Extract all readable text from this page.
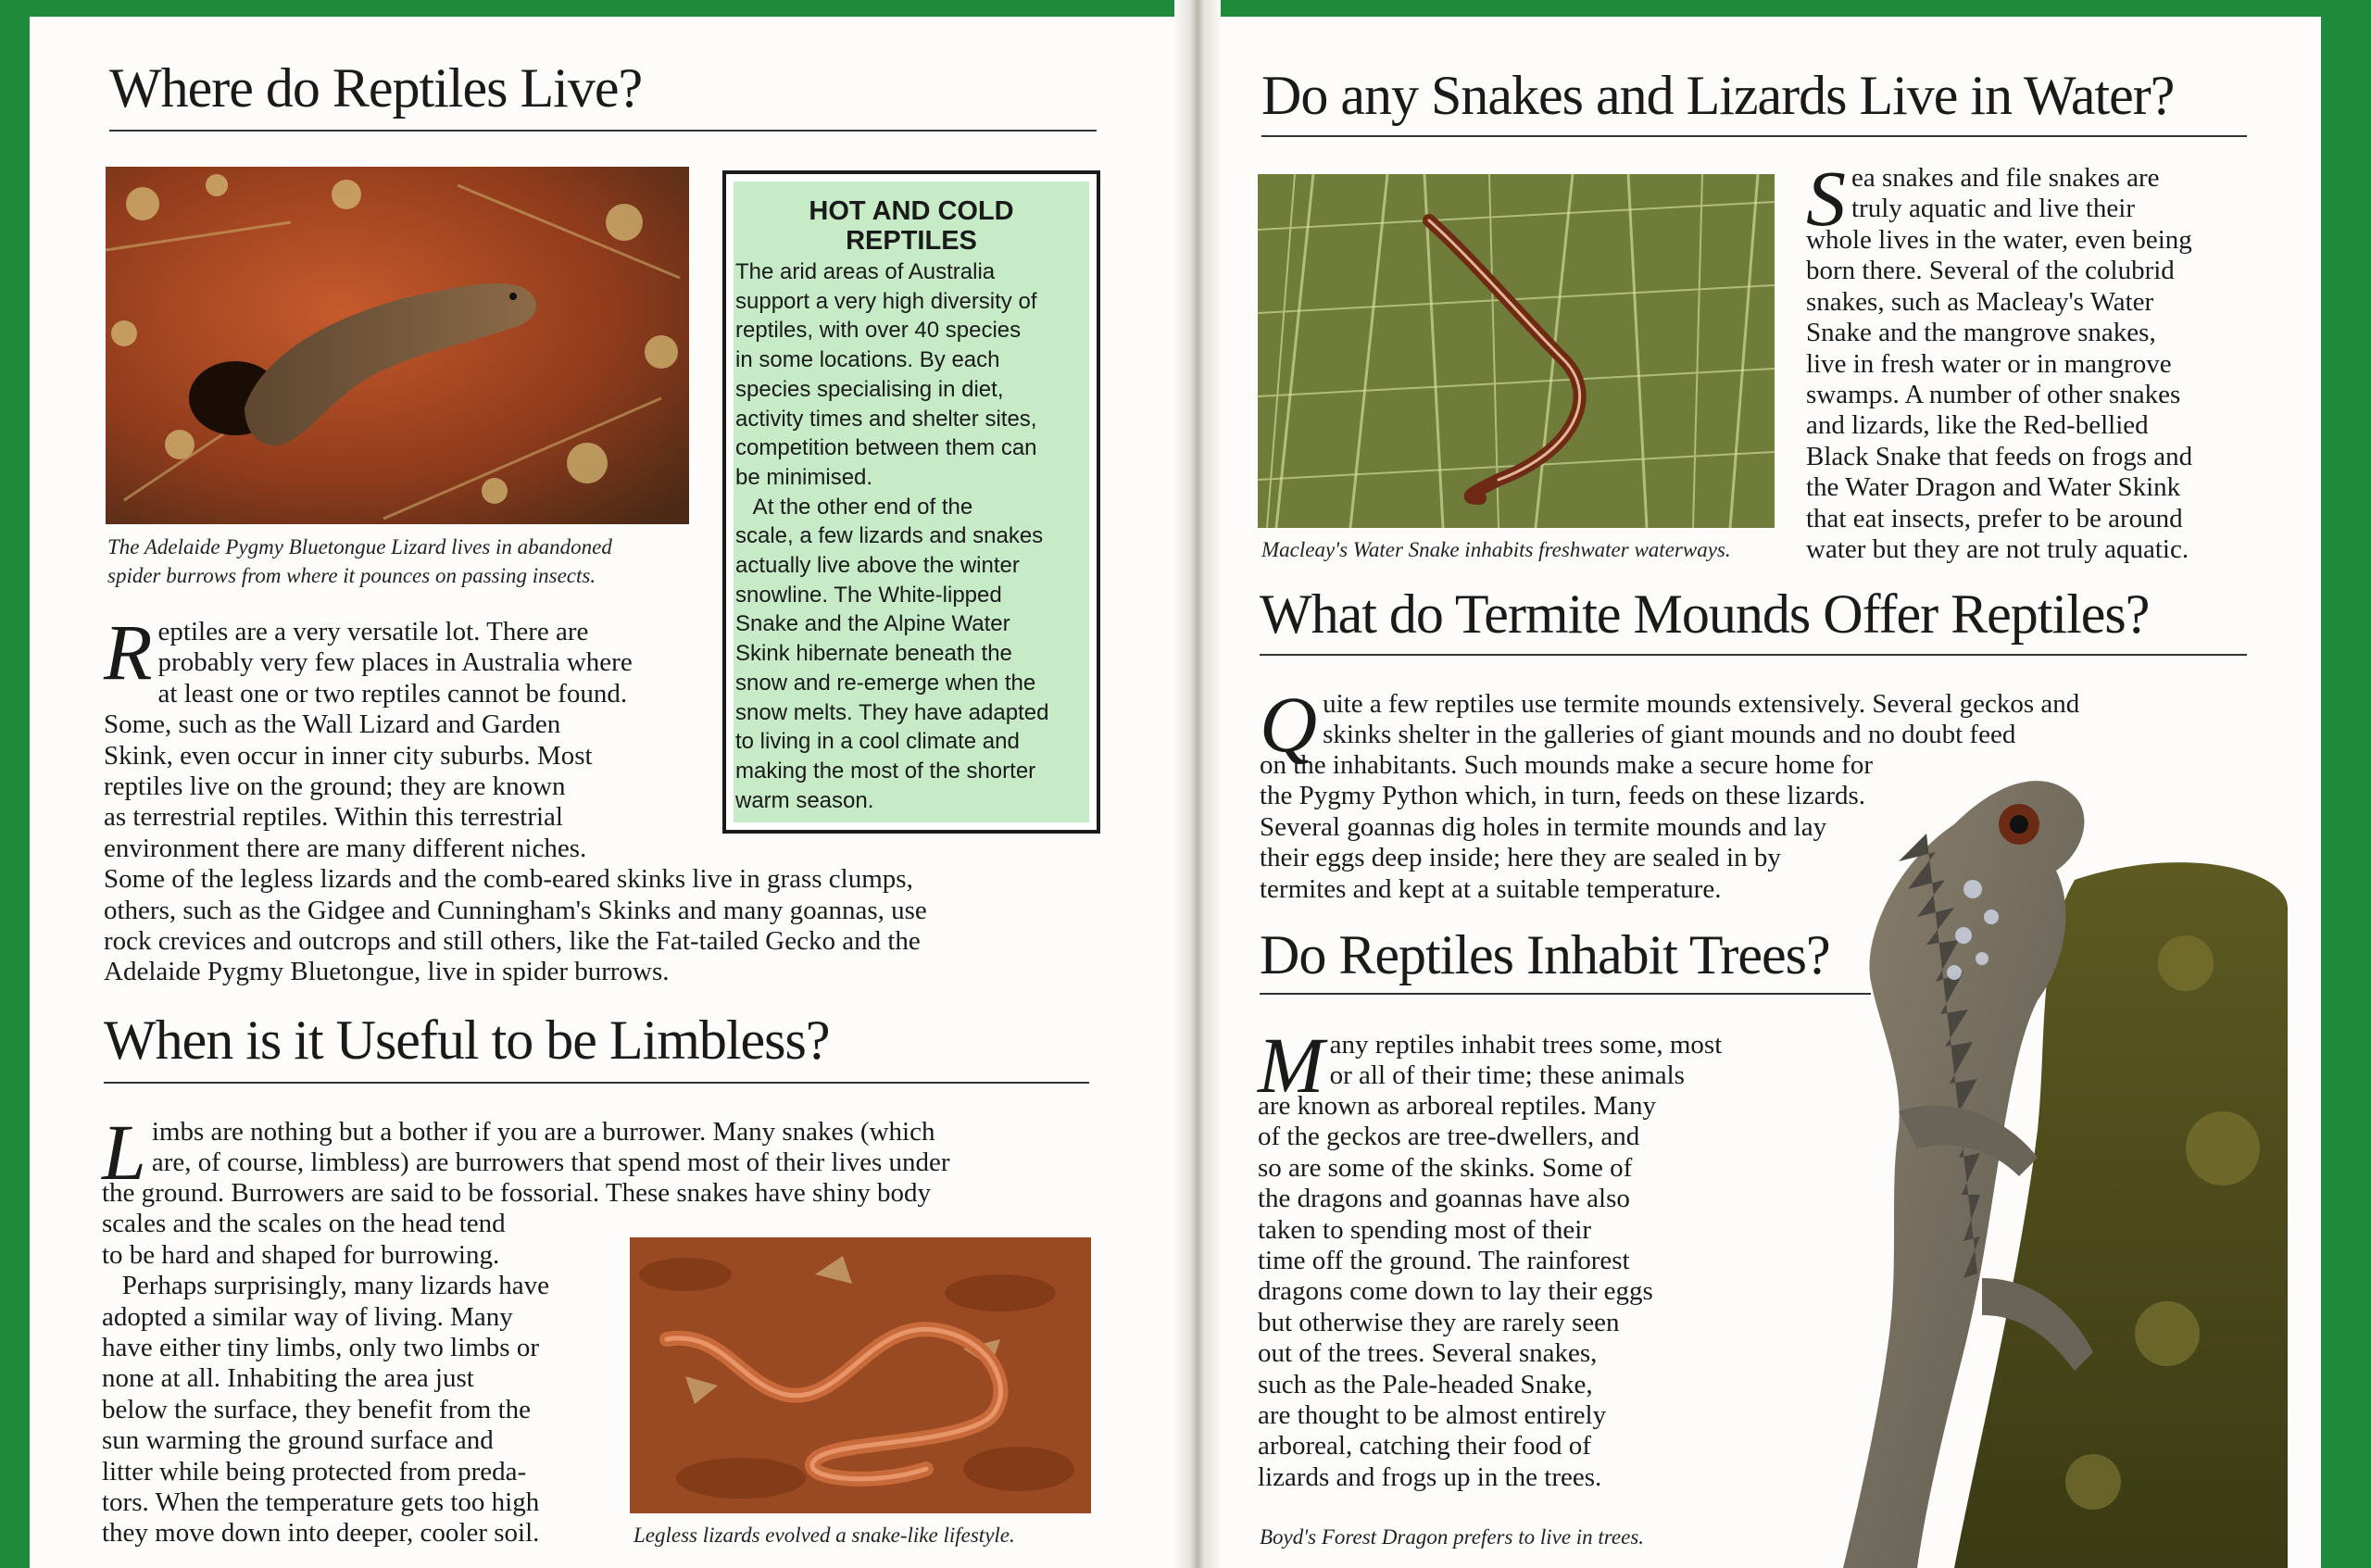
Where do Reptiles Live?

The Adelaide Pygmy Bluetongue Lizard lives in abandoned
spider burrows from where it pounces on passing insects.

HOT AND COLD
REPTILES

The arid areas of Australia
support a very high diversity of
reptiles, with over 40 species
in some locations. By each
species specialising in diet,
activity times and shelter sites,
competition between them can
be minimised.
At the other end of the
scale, a few lizards and snakes
actually live above the winter
snowline. The White-lipped
Snake and the Alpine Water
Skink hibernate beneath the
snow and re-emerge when the
snow melts. They have adapted
to living in a cool climate and
making the most of the shorter
warm season.

Reptiles are a very versatile lot. There are
probably very few places in Australia where
at least one or two reptiles cannot be found.
Some, such as the Wall Lizard and Garden
Skink, even occur in inner city suburbs. Most
reptiles live on the ground; they are known
as terrestrial reptiles. Within this terrestrial
environment there are many different niches.
Some of the legless lizards and the comb-eared skinks live in grass clumps,
others, such as the Gidgee and Cunningham's Skinks and many goannas, use
rock crevices and outcrops and still others, like the Fat-tailed Gecko and the
Adelaide Pygmy Bluetongue, live in spider burrows.
When is it Useful to be Limbless?
Limbs are nothing but a bother if you are a burrower. Many snakes (which
are, of course, limbless) are burrowers that spend most of their lives under

the ground. Burrowers are said to be fossorial. These snakes have shiny body
scales and the scales on the head tend
to be hard and shaped for burrowing.
Perhaps surprisingly, many lizards have
adopted a similar way of living. Many
have either tiny limbs, only two limbs or
none at all. Inhabiting the area just
below the surface, they benefit from the
sun warming the ground surface and
litter while being protected from preda-
tors. When the temperature gets too high
they move down into deeper, cooler soil.	Legless lizards evolved a snake-like lifestyle.

Do any Snakes and Lizards Live in Water?

Macleay's Water Snake inhabits freshwater waterways.

Sea snakes and file snakes are
truly aquatic and live their

whole lives in the water, even being
born there. Several of the colubrid
snakes, such as Macleay's Water
Snake and the mangrove snakes,
live in fresh water or in mangrove
swamps. A number of other snakes
and lizards, like the Red-bellied
Black Snake that feeds on frogs and
the Water Dragon and Water Skink
that eat insects, prefer to be around
water but they are not truly aquatic.

What do Termite Mounds Offer Reptiles?
Quite a few reptiles use termite mounds extensively. Several geckos and
skinks shelter in the galleries of giant mounds and no doubt feed

on the inhabitants. Such mounds make a secure home for
the Pygmy Python which, in turn, feeds on these lizards.
Several goannas dig holes in termite mounds and lay
their eggs deep inside; here they are sealed in by
termites and kept at a suitable temperature.

Do Reptiles Inhabit Trees?
Many reptiles inhabit trees some, most
or all of their time; these animals

are known as arboreal reptiles. Many
of the geckos are tree-dwellers, and
so are some of the skinks. Some of
the dragons and goannas have also
taken to spending most of their
time off the ground. The rainforest
dragons come down to lay their eggs
but otherwise they are rarely seen
out of the trees. Several snakes,
such as the Pale-headed Snake,
are thought to be almost entirely
arboreal, catching their food of
lizards and frogs up in the trees.

Boyd's Forest Dragon prefers to live in trees.
